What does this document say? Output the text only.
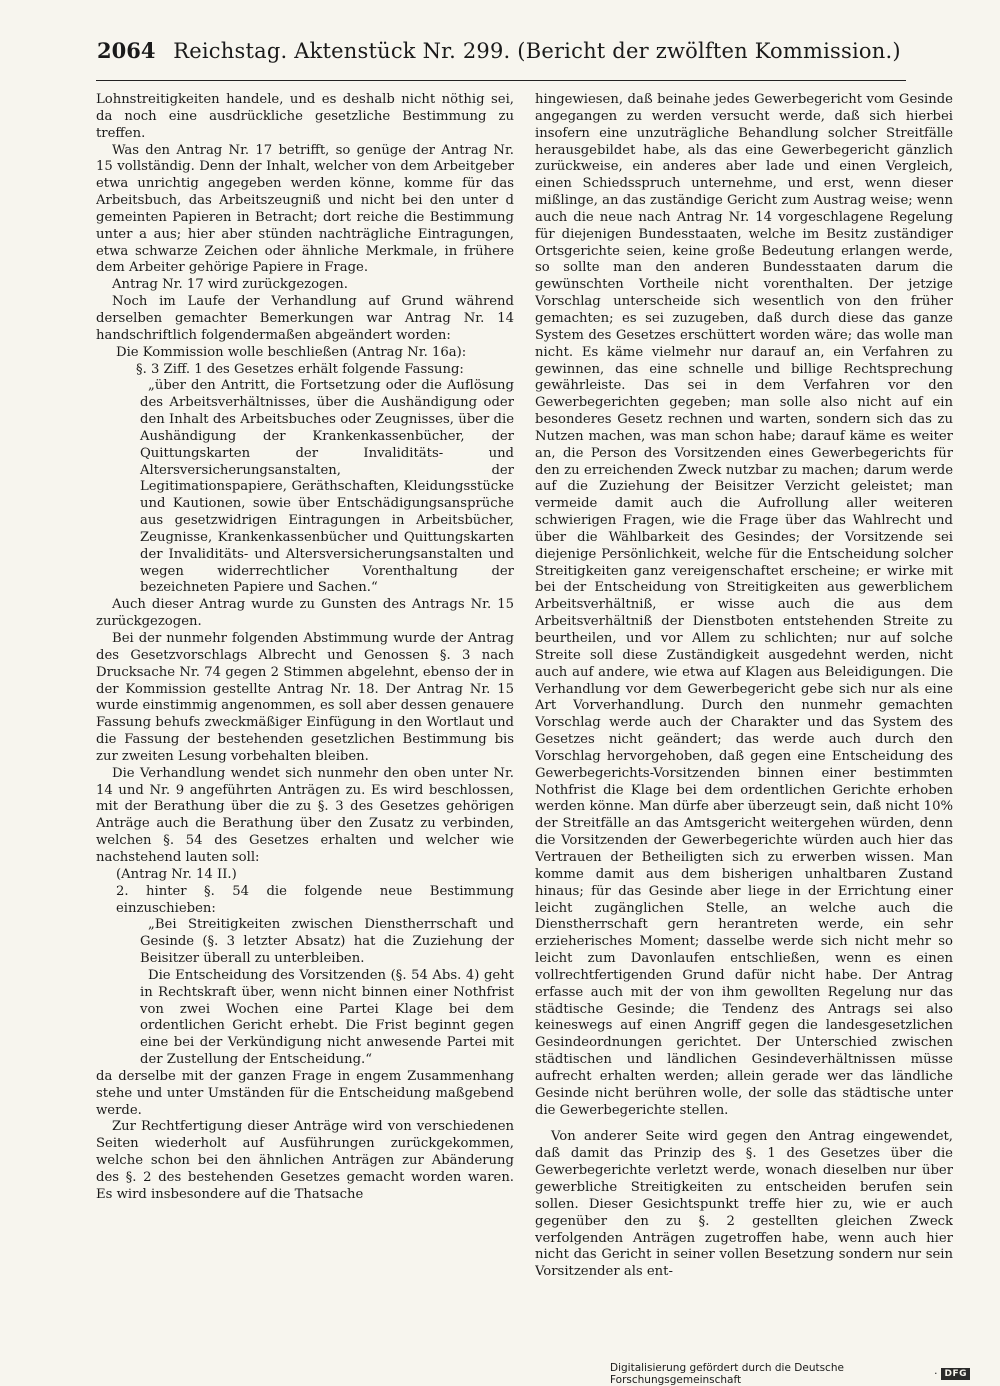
2064 Reichstag. Aktenstück Nr. 299. (Bericht der zwölften Kommission.)

Lohnstreitigkeiten handele, und es deshalb nicht nöthig sei, da noch eine ausdrückliche gesetzliche Bestimmung zu treffen.

Was den Antrag Nr. 17 betrifft, so genüge der Antrag Nr. 15 vollständig. Denn der Inhalt, welcher von dem Arbeitgeber etwa unrichtig angegeben werden könne, komme für das Arbeitsbuch, das Arbeitszeugniß und nicht bei den unter d gemeinten Papieren in Betracht; dort reiche die Bestimmung unter a aus; hier aber stünden nachträgliche Eintragungen, etwa schwarze Zeichen oder ähnliche Merkmale, in frühere dem Arbeiter gehörige Papiere in Frage.

Antrag Nr. 17 wird zurückgezogen.

Noch im Laufe der Verhandlung auf Grund während derselben gemachter Bemerkungen war Antrag Nr. 14 handschriftlich folgendermaßen abgeändert worden:

Die Kommission wolle beschließen (Antrag Nr. 16a):

§. 3 Ziff. 1 des Gesetzes erhält folgende Fassung:

„über den Antritt, die Fortsetzung oder die Auflösung des Arbeitsverhältnisses, über die Aushändigung oder den Inhalt des Arbeitsbuches oder Zeugnisses, über die Aushändigung der Krankenkassenbücher, der Quittungskarten der Invaliditäts- und Altersversicherungsanstalten, der Legitimationspapiere, Geräthschaften, Kleidungsstücke und Kautionen, sowie über Entschädigungsansprüche aus gesetzwidrigen Eintragungen in Arbeitsbücher, Zeugnisse, Krankenkassenbücher und Quittungskarten der Invaliditäts- und Altersversicherungsanstalten und wegen widerrechtlicher Vorenthaltung der bezeichneten Papiere und Sachen.“

Auch dieser Antrag wurde zu Gunsten des Antrags Nr. 15 zurückgezogen.

Bei der nunmehr folgenden Abstimmung wurde der Antrag des Gesetzvorschlags Albrecht und Genossen §. 3 nach Drucksache Nr. 74 gegen 2 Stimmen abgelehnt, ebenso der in der Kommission gestellte Antrag Nr. 18. Der Antrag Nr. 15 wurde einstimmig angenommen, es soll aber dessen genauere Fassung behufs zweckmäßiger Einfügung in den Wortlaut und die Fassung der bestehenden gesetzlichen Bestimmung bis zur zweiten Lesung vorbehalten bleiben.

Die Verhandlung wendet sich nunmehr den oben unter Nr. 14 und Nr. 9 angeführten Anträgen zu. Es wird beschlossen, mit der Berathung über die zu §. 3 des Gesetzes gehörigen Anträge auch die Berathung über den Zusatz zu verbinden, welchen §. 54 des Gesetzes erhalten und welcher wie nachstehend lauten soll:

(Antrag Nr. 14 II.)

2. hinter §. 54 die folgende neue Bestimmung einzuschieben:

„Bei Streitigkeiten zwischen Dienstherrschaft und Gesinde (§. 3 letzter Absatz) hat die Zuziehung der Beisitzer überall zu unterbleiben.

Die Entscheidung des Vorsitzenden (§. 54 Abs. 4) geht in Rechtskraft über, wenn nicht binnen einer Nothfrist von zwei Wochen eine Partei Klage bei dem ordentlichen Gericht erhebt. Die Frist beginnt gegen eine bei der Verkündigung nicht anwesende Partei mit der Zustellung der Entscheidung.“

da derselbe mit der ganzen Frage in engem Zusammenhang stehe und unter Umständen für die Entscheidung maßgebend werde.

Zur Rechtfertigung dieser Anträge wird von verschiedenen Seiten wiederholt auf Ausführungen zurückgekommen, welche schon bei den ähnlichen Anträgen zur Abänderung des §. 2 des bestehenden Gesetzes gemacht worden waren. Es wird insbesondere auf die Thatsache

hingewiesen, daß beinahe jedes Gewerbegericht vom Gesinde angegangen zu werden versucht werde, daß sich hierbei insofern eine unzuträgliche Behandlung solcher Streitfälle herausgebildet habe, als das eine Gewerbegericht gänzlich zurückweise, ein anderes aber lade und einen Vergleich, einen Schiedsspruch unternehme, und erst, wenn dieser mißlinge, an das zuständige Gericht zum Austrag weise; wenn auch die neue nach Antrag Nr. 14 vorgeschlagene Regelung für diejenigen Bundesstaaten, welche im Besitz zuständiger Ortsgerichte seien, keine große Bedeutung erlangen werde, so sollte man den anderen Bundesstaaten darum die gewünschten Vortheile nicht vorenthalten. Der jetzige Vorschlag unterscheide sich wesentlich von den früher gemachten; es sei zuzugeben, daß durch diese das ganze System des Gesetzes erschüttert worden wäre; das wolle man nicht. Es käme vielmehr nur darauf an, ein Verfahren zu gewinnen, das eine schnelle und billige Rechtsprechung gewährleiste. Das sei in dem Verfahren vor den Gewerbegerichten gegeben; man solle also nicht auf ein besonderes Gesetz rechnen und warten, sondern sich das zu Nutzen machen, was man schon habe; darauf käme es weiter an, die Person des Vorsitzenden eines Gewerbegerichts für den zu erreichenden Zweck nutzbar zu machen; darum werde auf die Zuziehung der Beisitzer Verzicht geleistet; man vermeide damit auch die Aufrollung aller weiteren schwierigen Fragen, wie die Frage über das Wahlrecht und über die Wählbarkeit des Gesindes; der Vorsitzende sei diejenige Persönlichkeit, welche für die Entscheidung solcher Streitigkeiten ganz vereigenschaftet erscheine; er wirke mit bei der Entscheidung von Streitigkeiten aus gewerblichem Arbeitsverhältniß, er wisse auch die aus dem Arbeitsverhältniß der Dienstboten entstehenden Streite zu beurtheilen, und vor Allem zu schlichten; nur auf solche Streite soll diese Zuständigkeit ausgedehnt werden, nicht auch auf andere, wie etwa auf Klagen aus Beleidigungen. Die Verhandlung vor dem Gewerbegericht gebe sich nur als eine Art Vorverhandlung. Durch den nunmehr gemachten Vorschlag werde auch der Charakter und das System des Gesetzes nicht geändert; das werde auch durch den Vorschlag hervorgehoben, daß gegen eine Entscheidung des Gewerbegerichts-Vorsitzenden binnen einer bestimmten Nothfrist die Klage bei dem ordentlichen Gerichte erhoben werden könne. Man dürfe aber überzeugt sein, daß nicht 10% der Streitfälle an das Amtsgericht weitergehen würden, denn die Vorsitzenden der Gewerbegerichte würden auch hier das Vertrauen der Betheiligten sich zu erwerben wissen. Man komme damit aus dem bisherigen unhaltbaren Zustand hinaus; für das Gesinde aber liege in der Errichtung einer leicht zugänglichen Stelle, an welche auch die Dienstherrschaft gern herantreten werde, ein sehr erzieherisches Moment; dasselbe werde sich nicht mehr so leicht zum Davonlaufen entschließen, wenn es einen vollrechtfertigenden Grund dafür nicht habe. Der Antrag erfasse auch mit der von ihm gewollten Regelung nur das städtische Gesinde; die Tendenz des Antrags sei also keineswegs auf einen Angriff gegen die landesgesetzlichen Gesindeordnungen gerichtet. Der Unterschied zwischen städtischen und ländlichen Gesindeverhältnissen müsse aufrecht erhalten werden; allein gerade wer das ländliche Gesinde nicht berühren wolle, der solle das städtische unter die Gewerbegerichte stellen.

Von anderer Seite wird gegen den Antrag eingewendet, daß damit das Prinzip des §. 1 des Gesetzes über die Gewerbegerichte verletzt werde, wonach dieselben nur über gewerbliche Streitigkeiten zu entscheiden berufen sein sollen. Dieser Gesichtspunkt treffe hier zu, wie er auch gegenüber den zu §. 2 gestellten gleichen Zweck verfolgenden Anträgen zugetroffen habe, wenn auch hier nicht das Gericht in seiner vollen Besetzung sondern nur sein Vorsitzender als ent-

Digitalisierung gefördert durch die Deutsche Forschungsgemeinschaft	· DFG
